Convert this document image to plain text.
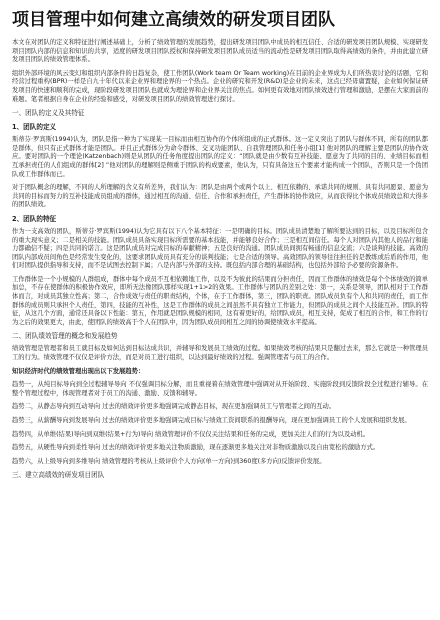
项目管理中如何建立高绩效的研发项目团队

本文在对团队的定义和特征进行阐述基础上，分析了绩效管理的发展趋势，提出研发项目团队中成员的相互信任、合适的研发项目团队规模、实现研发项目团队内部的信息和知识的共享，适度的研发项目团队授权和保持研发项目团队成员适当的流动性是研发项目团队取得高绩效的条件，并由此建立研发项目团队的绩效管理体系。

组织外部环境的风云变幻和组织内部条件的日趋复杂，使工作团队(Work team Or Team working)在目前的企业界成为人们所热衷讨论的话题，它和经营过程重构(BPR)一样是自九十年代以来企业界和理论界的一个热点。企业的研究和开发(R&D)是企业的未来，这点已经毋庸置疑，企业如何保证研发项目的快速和顺利的完成，现阶段研发项目团队也就成为理论界和企业界关注的焦点。如何更有效地对团队绩效进行管理和激励，是摆在大家面前的难题。笔者根据自身在企业的经验和感受，对研发项目团队的绩效管理进行探讨。

一、团队的定义及其特征
1、团队的定义

斯蒂芬·罗宾斯(1994)认为，团队是指一种为了实现某一目标而由相互协作的个体所组成的正式群体。这一定义突出了团队与群体不同，所有的团队都是群体，但只有正式群体才能是团队。并且正式群体分为命令群体、交叉功能团队、自我管理团队和任务小组[1] 他对团队的理解主要是团队的协作效应。要对团队的一个理论(Katzenbach)则是从团队的任务角度提出团队的定义：“团队就是由少数有互补技能、愿意为了共同的目的、业绩目标而相互承担责任的人们组成的群体[2] ”他对团队的理解则是侧重于团队的构成要素，他认为，只有具备这五个要素才能构成一个团队，否则只是一个伪团队或工作群体而已。

对于团队概念的理解，不同的人所理解的含义有所差异，我们认为：团队是由两个或两个以上、相互依赖的、承诺共同的规则、具有共同愿景、愿意为共同的目标而努力的互补技能成员组成的群体，通过相互的沟通、信任、合作和承担责任，产生群体的协作效应，从而获得比个体成员绩效总和大得多的团队绩效。

2、团队的特征

作为一支高效的团队，斯蒂芬·罗宾斯(1994)认为它具有以下八个基本特征：一是明确的目标。团队成员清楚地了解所要达到的目标，以及目标所包含的重大现实意义；二是相关的技能。团队成员具备实现目标所需要的基本技能，并能够良好合作；三是相互间信任。每个人对团队内其他人的品行和能力都确信不疑；四是共同的诺言。这是团队成员对完成目标的奉献精神；五是良好的沟通。团队成员间拥有畅通的信息交流；六是谈判的技能。高效的团队内部成员间角色是经常发生变化的，这要求团队成员具有充分的谈判技能；七是合适的领导。高效团队的领导往往担任的是教练或后盾的作用，他们对团队提供指导和支持，而不是试图去控制下属；八是内部与外部的支持。既包括内部合理的基础结构，也包括外部给予必要的资源条件。

工作群体是一个小规模的人群组成，群体中每个成员不互相依赖地工作，以及不为彼此的结果而分担责任，因而工作群体的绩效是每个个体绩效的简单加总，不存在使群体的积极协作效应，即所无法像团队那样实现1+1>2的效果。工作群体与团队的差别之处：第一，关系是领导，团队相对于工作群体而言，对成员其独立性高；第二，合作成效与责任的职责结构，个体，在于工作群体，第三，团队的职责。团队成员负有个人和共同的责任，而工作群体的成员则只承担个人责任，第四，技能的互补性，这是工作群体的成员之间虽然不具有独立工作能力，但团队的成员之间个人技能互补。团队的特征，从这几个方面，通常还具备以下性能：第五，作用就是团队规模的相同，这有着更好的，给团队成员，相互支持，促成了相互的合作，和工作的行为之后的效果更大，由此，使团队的绩效高于个人在团队中，因为团队成员间相互之间的协调使绩效水平提高。

二、团队绩效管理的概念和发展趋势

绩效管理是管理者和员工就目标及如何达到目标达成共识，并辅导和发展员工绩效的过程。如果绩效考核的结果只是翻过去来，那么它就是一种管理员工的行为。绩效管理不仅仅是评价方法，而是对员工进行组织，以达到最好绩效的过程。强调管理者与员工的合作。

知识经济时代的绩效管理出现出以下发展趋势：

趋势一，从纯目标导向到全过程辅导导向 不仅强调目标分解，而且重视着在绩效管理中强调对从开始阶段、实施阶段到反馈阶段全过程进行辅导。在整个管理过程中，体现管理者对于员工的沟通、激励、反馈和辅导。

趋势二，从静态导向到互动导向 过去的绩效评价更多地强调完成静态目标，现在更加强调员工与管理者之间的互动。

趋势三，从薪酬导向到发展导向 过去的绩效评价更多地强调完成目标与绩效工资间联系的报酬导向，现在更加强调员工的个人发展和组织发展。

趋势四，从单维(结果)导向到双维(结果+行为)导向 绩效管理评价不仅仅关注结果和任务的完成，更加关注人们的行为以及动机。

趋势五，从硬性导向到柔性导向 过去的绩效评价更多地关注物质激励，现在逐渐更多地关注对非物质激励以及自由宽松的激励方式。

趋势六，从上级导向到多维导向 绩效管理的考核从上级评价个人方向(单一方向)到360度(多方向)反馈评价发展。

三、建立高绩效的研发项目团队
